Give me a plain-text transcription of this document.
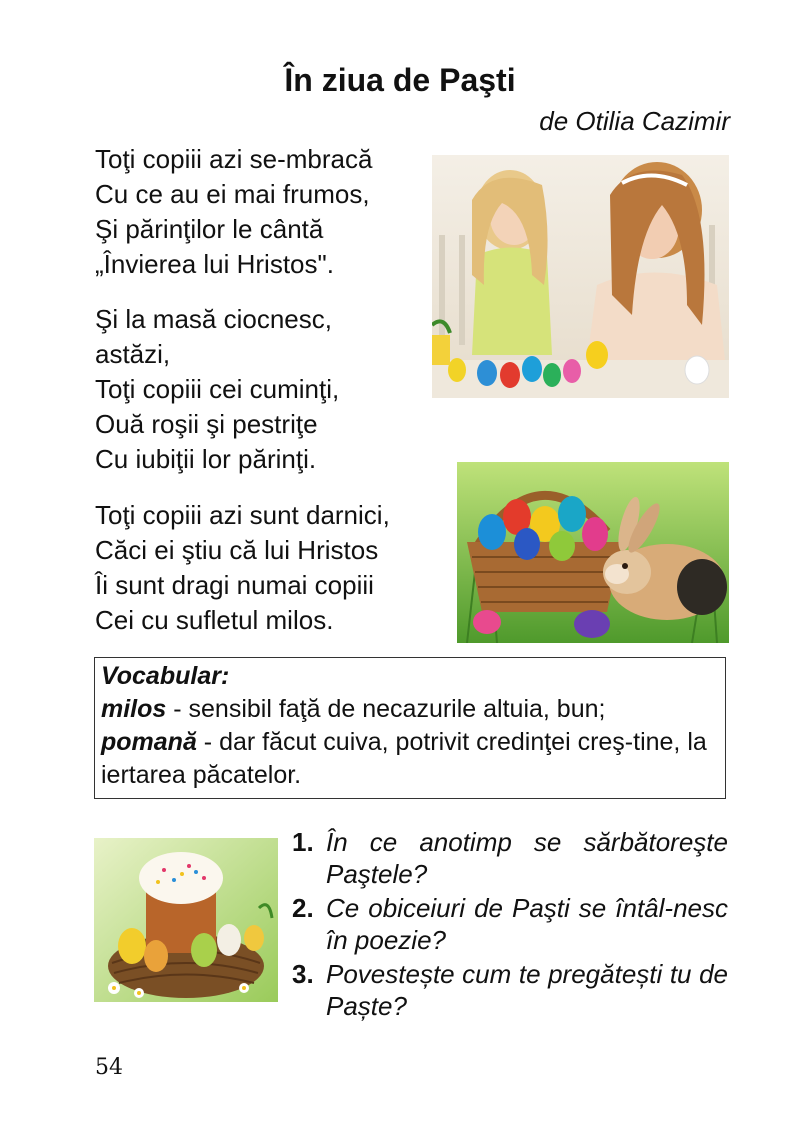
În ziua de Paşti
de Otilia Cazimir
Toţi copiii azi se-mbracă
Cu ce au ei mai frumos,
Şi părinţilor le cântă
„Învierea lui Hristos".
Şi la masă ciocnesc,
astăzi,
Toţi copiii cei cuminţi,
Ouă roşii şi pestriţe
Cu iubiţii lor părinţi.
Toţi copiii azi sunt darnici,
Căci ei ştiu că lui Hristos
Îi sunt dragi numai copiii
Cei cu sufletul milos.
Vocabular:
milos - sensibil faţă de necazurile altuia, bun;
pomană - dar făcut cuiva, potrivit credinţei creş-tine, la iertarea păcatelor.
1. În ce anotimp se sărbătoreşte Paştele?
2. Ce obiceiuri de Paşti se întâl-nesc în poezie?
3. Povestește cum te pregătești tu de Paște?
54
